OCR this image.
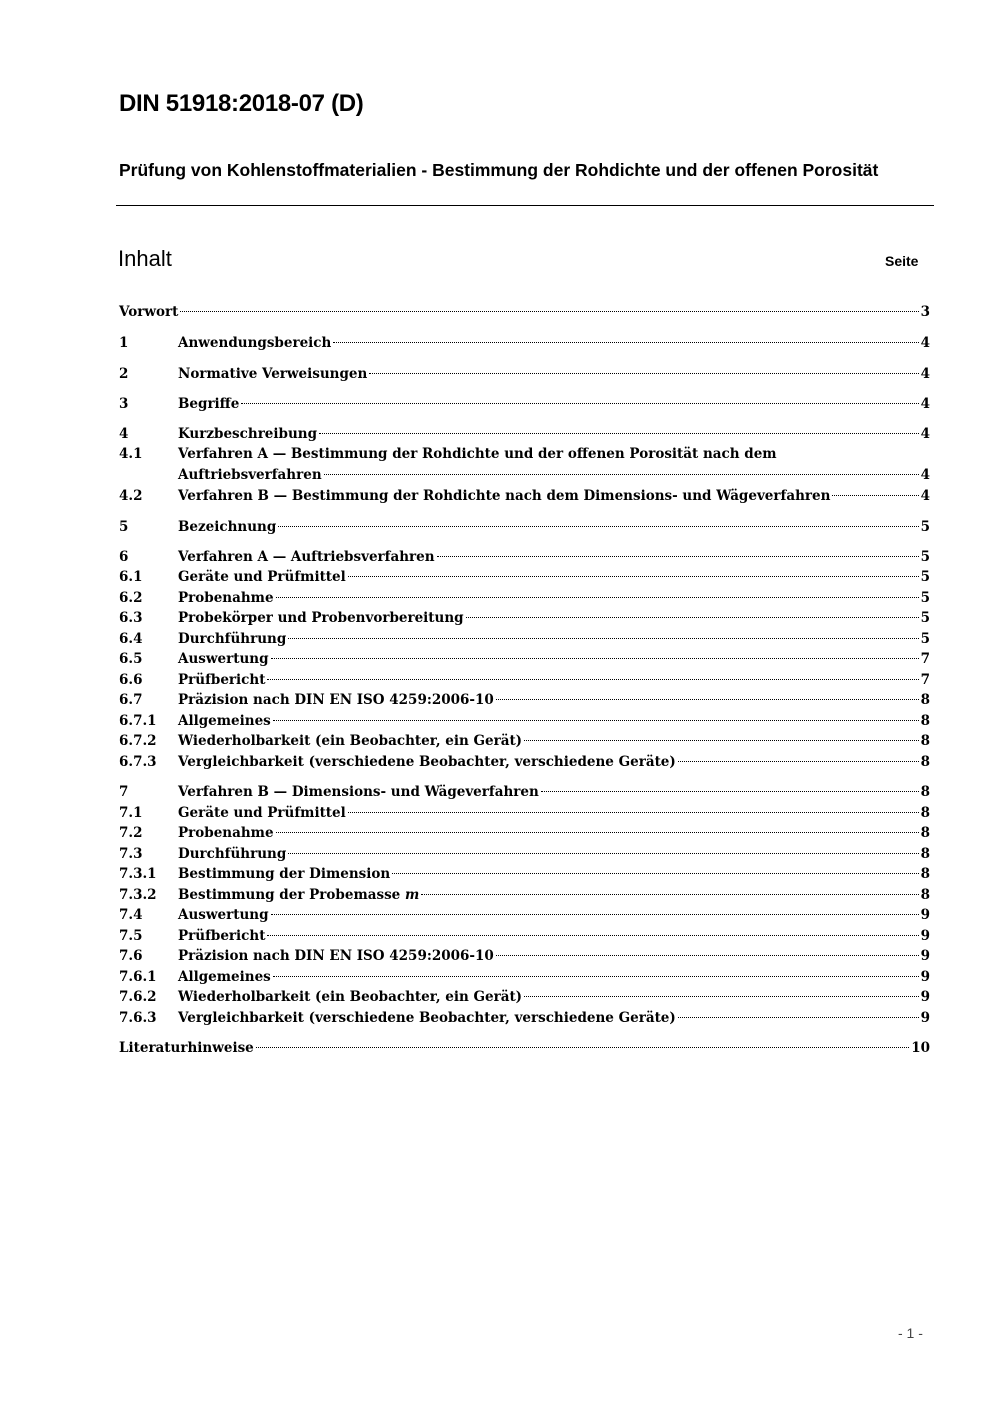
DIN 51918:2018-07 (D)
Prüfung von Kohlenstoffmaterialien - Bestimmung der Rohdichte und der offenen Porosität
Inhalt	Seite
Vorwort	3
1	Anwendungsbereich	4
2	Normative Verweisungen	4
3	Begriffe	4
4	Kurzbeschreibung	4
4.1	Verfahren A — Bestimmung der Rohdichte und der offenen Porosität nach dem
Auftriebsverfahren	4
4.2	Verfahren B — Bestimmung der Rohdichte nach dem Dimensions- und Wägeverfahren	4
5	Bezeichnung	5
6	Verfahren A — Auftriebsverfahren	5
6.1	Geräte und Prüfmittel	5
6.2	Probenahme	5
6.3	Probekörper und Probenvorbereitung	5
6.4	Durchführung	5
6.5	Auswertung	7
6.6	Prüfbericht	7
6.7	Präzision nach DIN EN ISO 4259:2006-10	8
6.7.1	Allgemeines	8
6.7.2	Wiederholbarkeit (ein Beobachter, ein Gerät)	8
6.7.3	Vergleichbarkeit (verschiedene Beobachter, verschiedene Geräte)	8
7	Verfahren B — Dimensions- und Wägeverfahren	8
7.1	Geräte und Prüfmittel	8
7.2	Probenahme	8
7.3	Durchführung	8
7.3.1	Bestimmung der Dimension	8
7.3.2	Bestimmung der Probemasse m	8
7.4	Auswertung	9
7.5	Prüfbericht	9
7.6	Präzision nach DIN EN ISO 4259:2006-10	9
7.6.1	Allgemeines	9
7.6.2	Wiederholbarkeit (ein Beobachter, ein Gerät)	9
7.6.3	Vergleichbarkeit (verschiedene Beobachter, verschiedene Geräte)	9
Literaturhinweise	10
- 1 -
